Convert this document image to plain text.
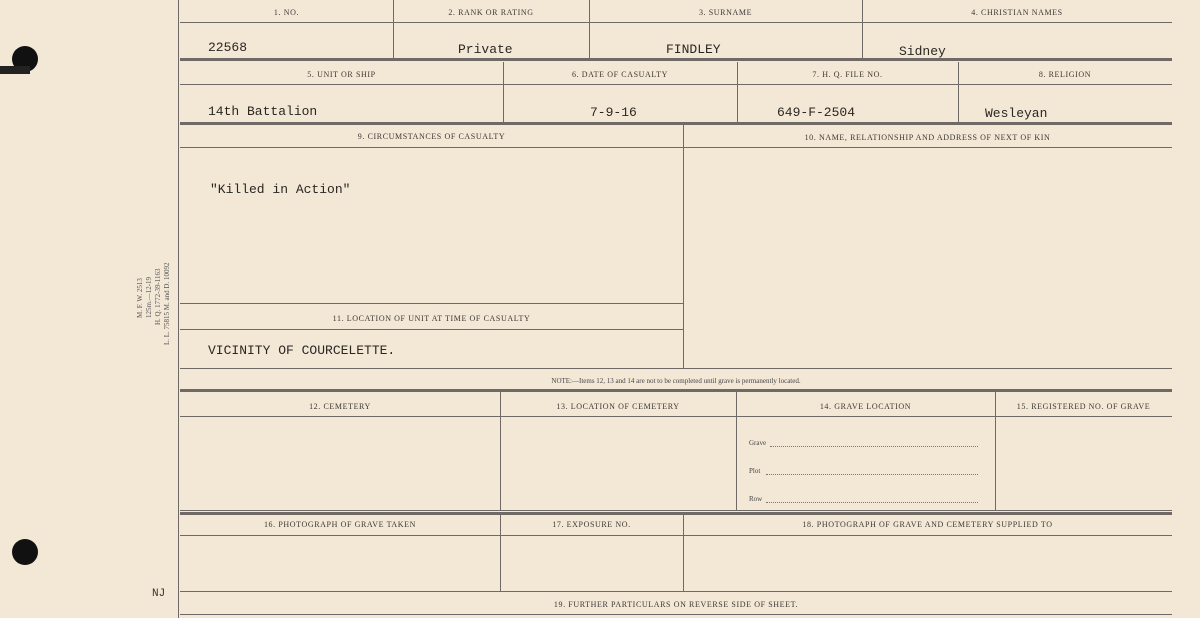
M. F. W. 2513 125m.—12-19 H. Q. 1772-39-1163 L. L. 75815 M. and D. 10092
NJ
1. NO.	2. RANK OR RATING	3. SURNAME	4. CHRISTIAN NAMES
22568	Private	FINDLEY	Sidney
5. UNIT OR SHIP	6. DATE OF CASUALTY	7. H. Q. FILE NO.	8. RELIGION
14th Battalion	7-9-16	649-F-2504	Wesleyan
9. CIRCUMSTANCES OF CASUALTY	10. NAME, RELATIONSHIP AND ADDRESS OF NEXT OF KIN
"Killed in Action"
11. LOCATION OF UNIT AT TIME OF CASUALTY
VICINITY OF COURCELETTE.
NOTE:—Items 12, 13 and 14 are not to be completed until grave is permanently located.
12. CEMETERY	13. LOCATION OF CEMETERY	14. GRAVE LOCATION	15. REGISTERED NO. OF GRAVE
Grave
Plot
Row
16. PHOTOGRAPH OF GRAVE TAKEN	17. EXPOSURE NO.	18. PHOTOGRAPH OF GRAVE AND CEMETERY SUPPLIED TO
19. FURTHER PARTICULARS ON REVERSE SIDE OF SHEET.
